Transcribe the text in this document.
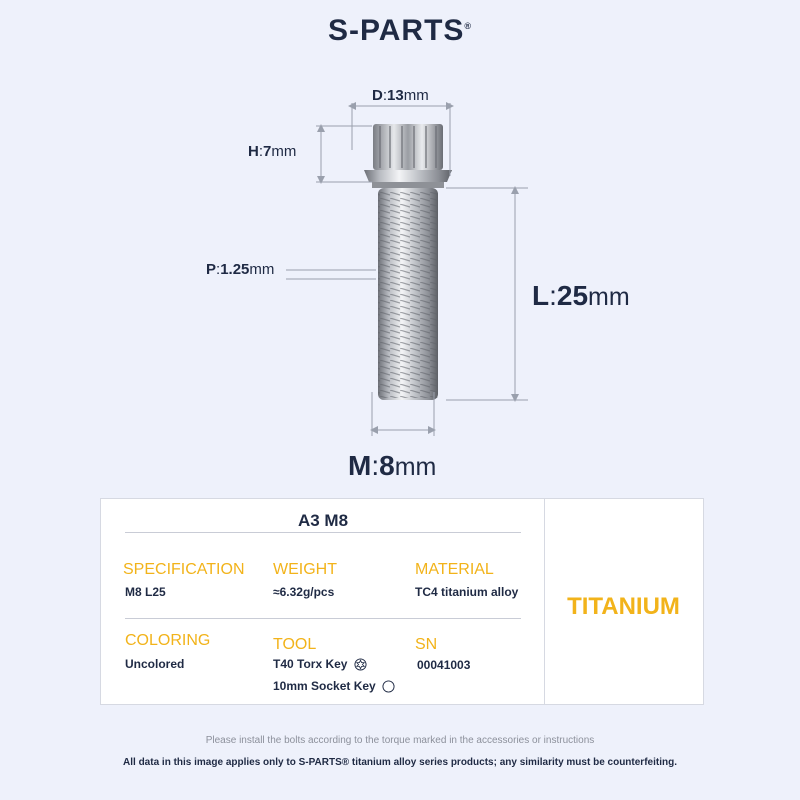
S-PARTS®
D:13mm
H:7mm
P:1.25mm
L:25mm
M:8mm
A3 M8
SPECIFICATION
M8 L25
WEIGHT
≈6.32g/pcs
MATERIAL
TC4 titanium alloy
COLORING
Uncolored
TOOL
T40 Torx Key
10mm Socket Key
SN
00041003
TITANIUM
Please install the bolts according to the torque marked in the accessories or instructions
All data in this image applies only to S-PARTS® titanium alloy series products; any similarity must be counterfeiting.
